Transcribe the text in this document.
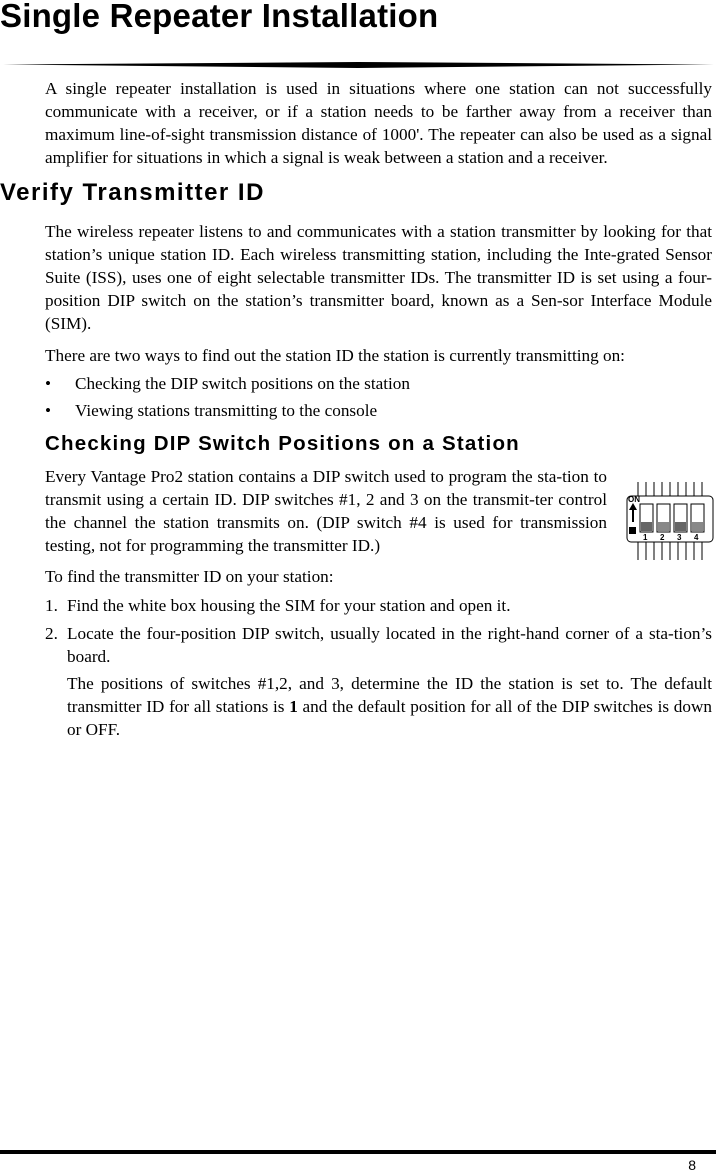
Single Repeater Installation

A single repeater installation is used in situations where one station can not successfully communicate with a receiver, or if a station needs to be farther away from a receiver than maximum line-of-sight transmission distance of 1000'. The repeater can also be used as a signal amplifier for situations in which a signal is weak between a station and a receiver.

Verify Transmitter ID

The wireless repeater listens to and communicates with a station transmitter by looking for that station’s unique station ID. Each wireless transmitting station, including the Inte-grated Sensor Suite (ISS), uses one of eight selectable transmitter IDs. The transmitter ID is set using a four-position DIP switch on the station’s transmitter board, known as a Sen-sor Interface Module (SIM).

There are two ways to find out the station ID the station is currently transmitting on:

• Checking the DIP switch positions on the station
• Viewing stations transmitting to the console
Checking DIP Switch Positions on a Station

Every Vantage Pro2 station contains a DIP switch used to program the sta-tion to transmit using a certain ID. DIP switches #1, 2 and 3 on the transmit-ter control the channel the station transmits on. (DIP switch #4 is used for transmission testing, not for programming the transmitter ID.)

ON
1 2 3 4

To find the transmitter ID on your station:

1. Find the white box housing the SIM for your station and open it.
2. Locate the four-position DIP switch, usually located in the right-hand corner of a sta-tion’s board.

The positions of switches #1,2, and 3, determine the ID the station is set to. The default transmitter ID for all stations is 1 and the default position for all of the DIP switches is down or OFF.

8
